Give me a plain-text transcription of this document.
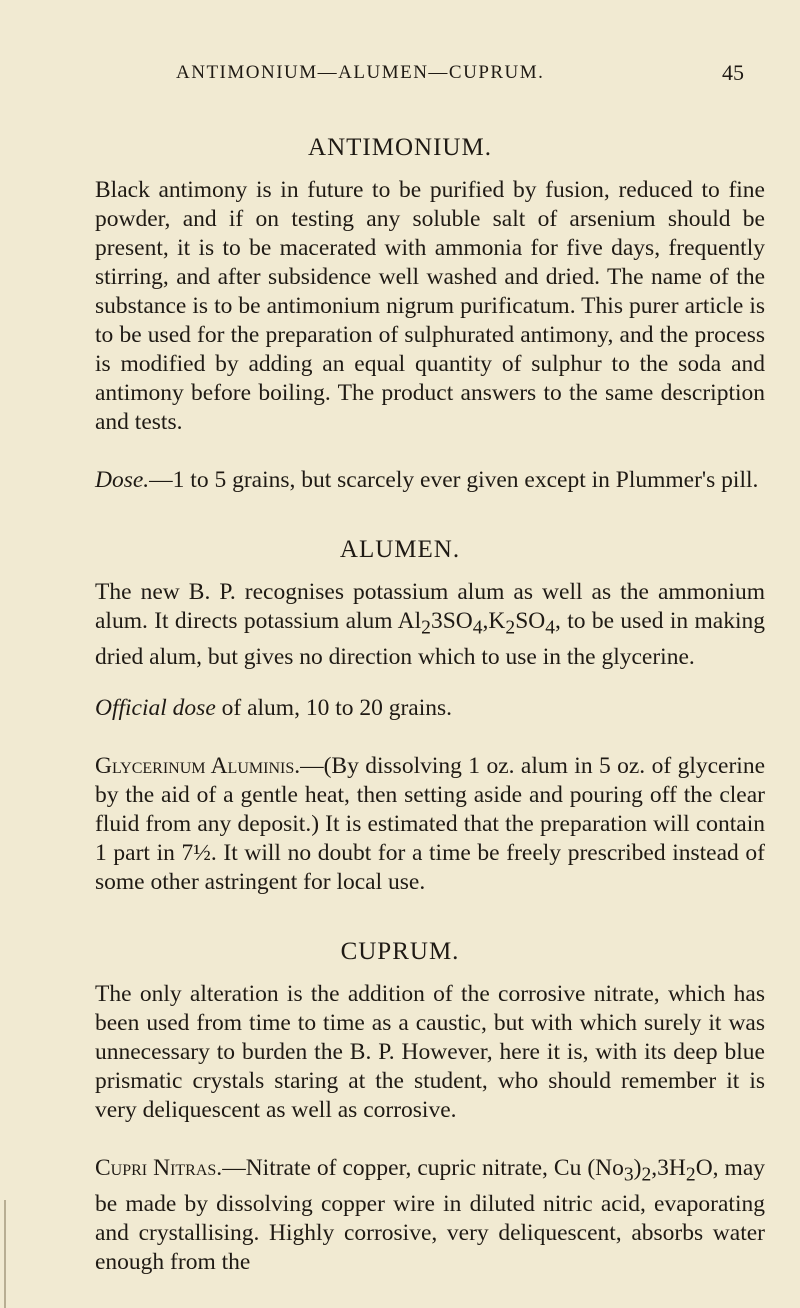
ANTIMONIUM—ALUMEN—CUPRUM.	45
ANTIMONIUM.

Black antimony is in future to be purified by fusion, reduced to fine powder, and if on testing any soluble salt of arsenium should be present, it is to be macerated with ammonia for five days, frequently stirring, and after subsidence well washed and dried. The name of the substance is to be antimonium nigrum purificatum. This purer article is to be used for the preparation of sulphurated antimony, and the process is modified by adding an equal quantity of sulphur to the soda and antimony before boiling. The product answers to the same description and tests.

Dose.—1 to 5 grains, but scarcely ever given except in Plummer's pill.

ALUMEN.

The new B. P. recognises potassium alum as well as the ammonium alum. It directs potassium alum $Al_23SO_4,K_2SO_4$, to be used in making dried alum, but gives no direction which to use in the glycerine.

Official dose of alum, 10 to 20 grains.

Glycerinum Aluminis.—(By dissolving 1 oz. alum in 5 oz. of glycerine by the aid of a gentle heat, then setting aside and pouring off the clear fluid from any deposit.) It is estimated that the preparation will contain 1 part in 7½. It will no doubt for a time be freely prescribed instead of some other astringent for local use.

CUPRUM.

The only alteration is the addition of the corrosive nitrate, which has been used from time to time as a caustic, but with which surely it was unnecessary to burden the B. P. However, here it is, with its deep blue prismatic crystals staring at the student, who should remember it is very deliquescent as well as corrosive.

Cupri Nitras.—Nitrate of copper, cupric nitrate, Cu $(No_3)_2,3H_2O$, may be made by dissolving copper wire in diluted nitric acid, evaporating and crystallising. Highly corrosive, very deliquescent, absorbs water enough from the
